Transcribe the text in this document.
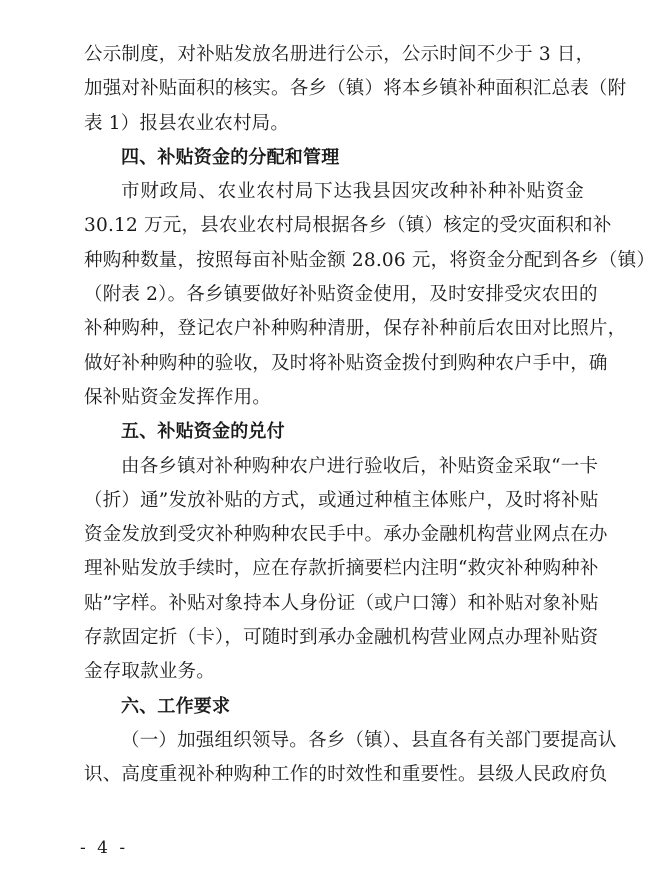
公示制度，对补贴发放名册进行公示，公示时间不少于 3 日，
加强对补贴面积的核实。各乡（镇）将本乡镇补种面积汇总表（附
表 1）报县农业农村局。
四、补贴资金的分配和管理
市财政局、农业农村局下达我县因灾改种补种补贴资金
30.12 万元，县农业农村局根据各乡（镇）核定的受灾面积和补
种购种数量，按照每亩补贴金额 28.06 元，将资金分配到各乡（镇）
（附表 2）。各乡镇要做好补贴资金使用，及时安排受灾农田的
补种购种，登记农户补种购种清册，保存补种前后农田对比照片，
做好补种购种的验收，及时将补贴资金拨付到购种农户手中，确
保补贴资金发挥作用。
五、补贴资金的兑付
由各乡镇对补种购种农户进行验收后，补贴资金采取“一卡
（折）通”发放补贴的方式，或通过种植主体账户，及时将补贴
资金发放到受灾补种购种农民手中。承办金融机构营业网点在办
理补贴发放手续时，应在存款折摘要栏内注明“救灾补种购种补
贴”字样。补贴对象持本人身份证（或户口簿）和补贴对象补贴
存款固定折（卡），可随时到承办金融机构营业网点办理补贴资
金存取款业务。
六、工作要求
（一）加强组织领导。各乡（镇）、县直各有关部门要提高认
识、高度重视补种购种工作的时效性和重要性。县级人民政府负
- 4 -
